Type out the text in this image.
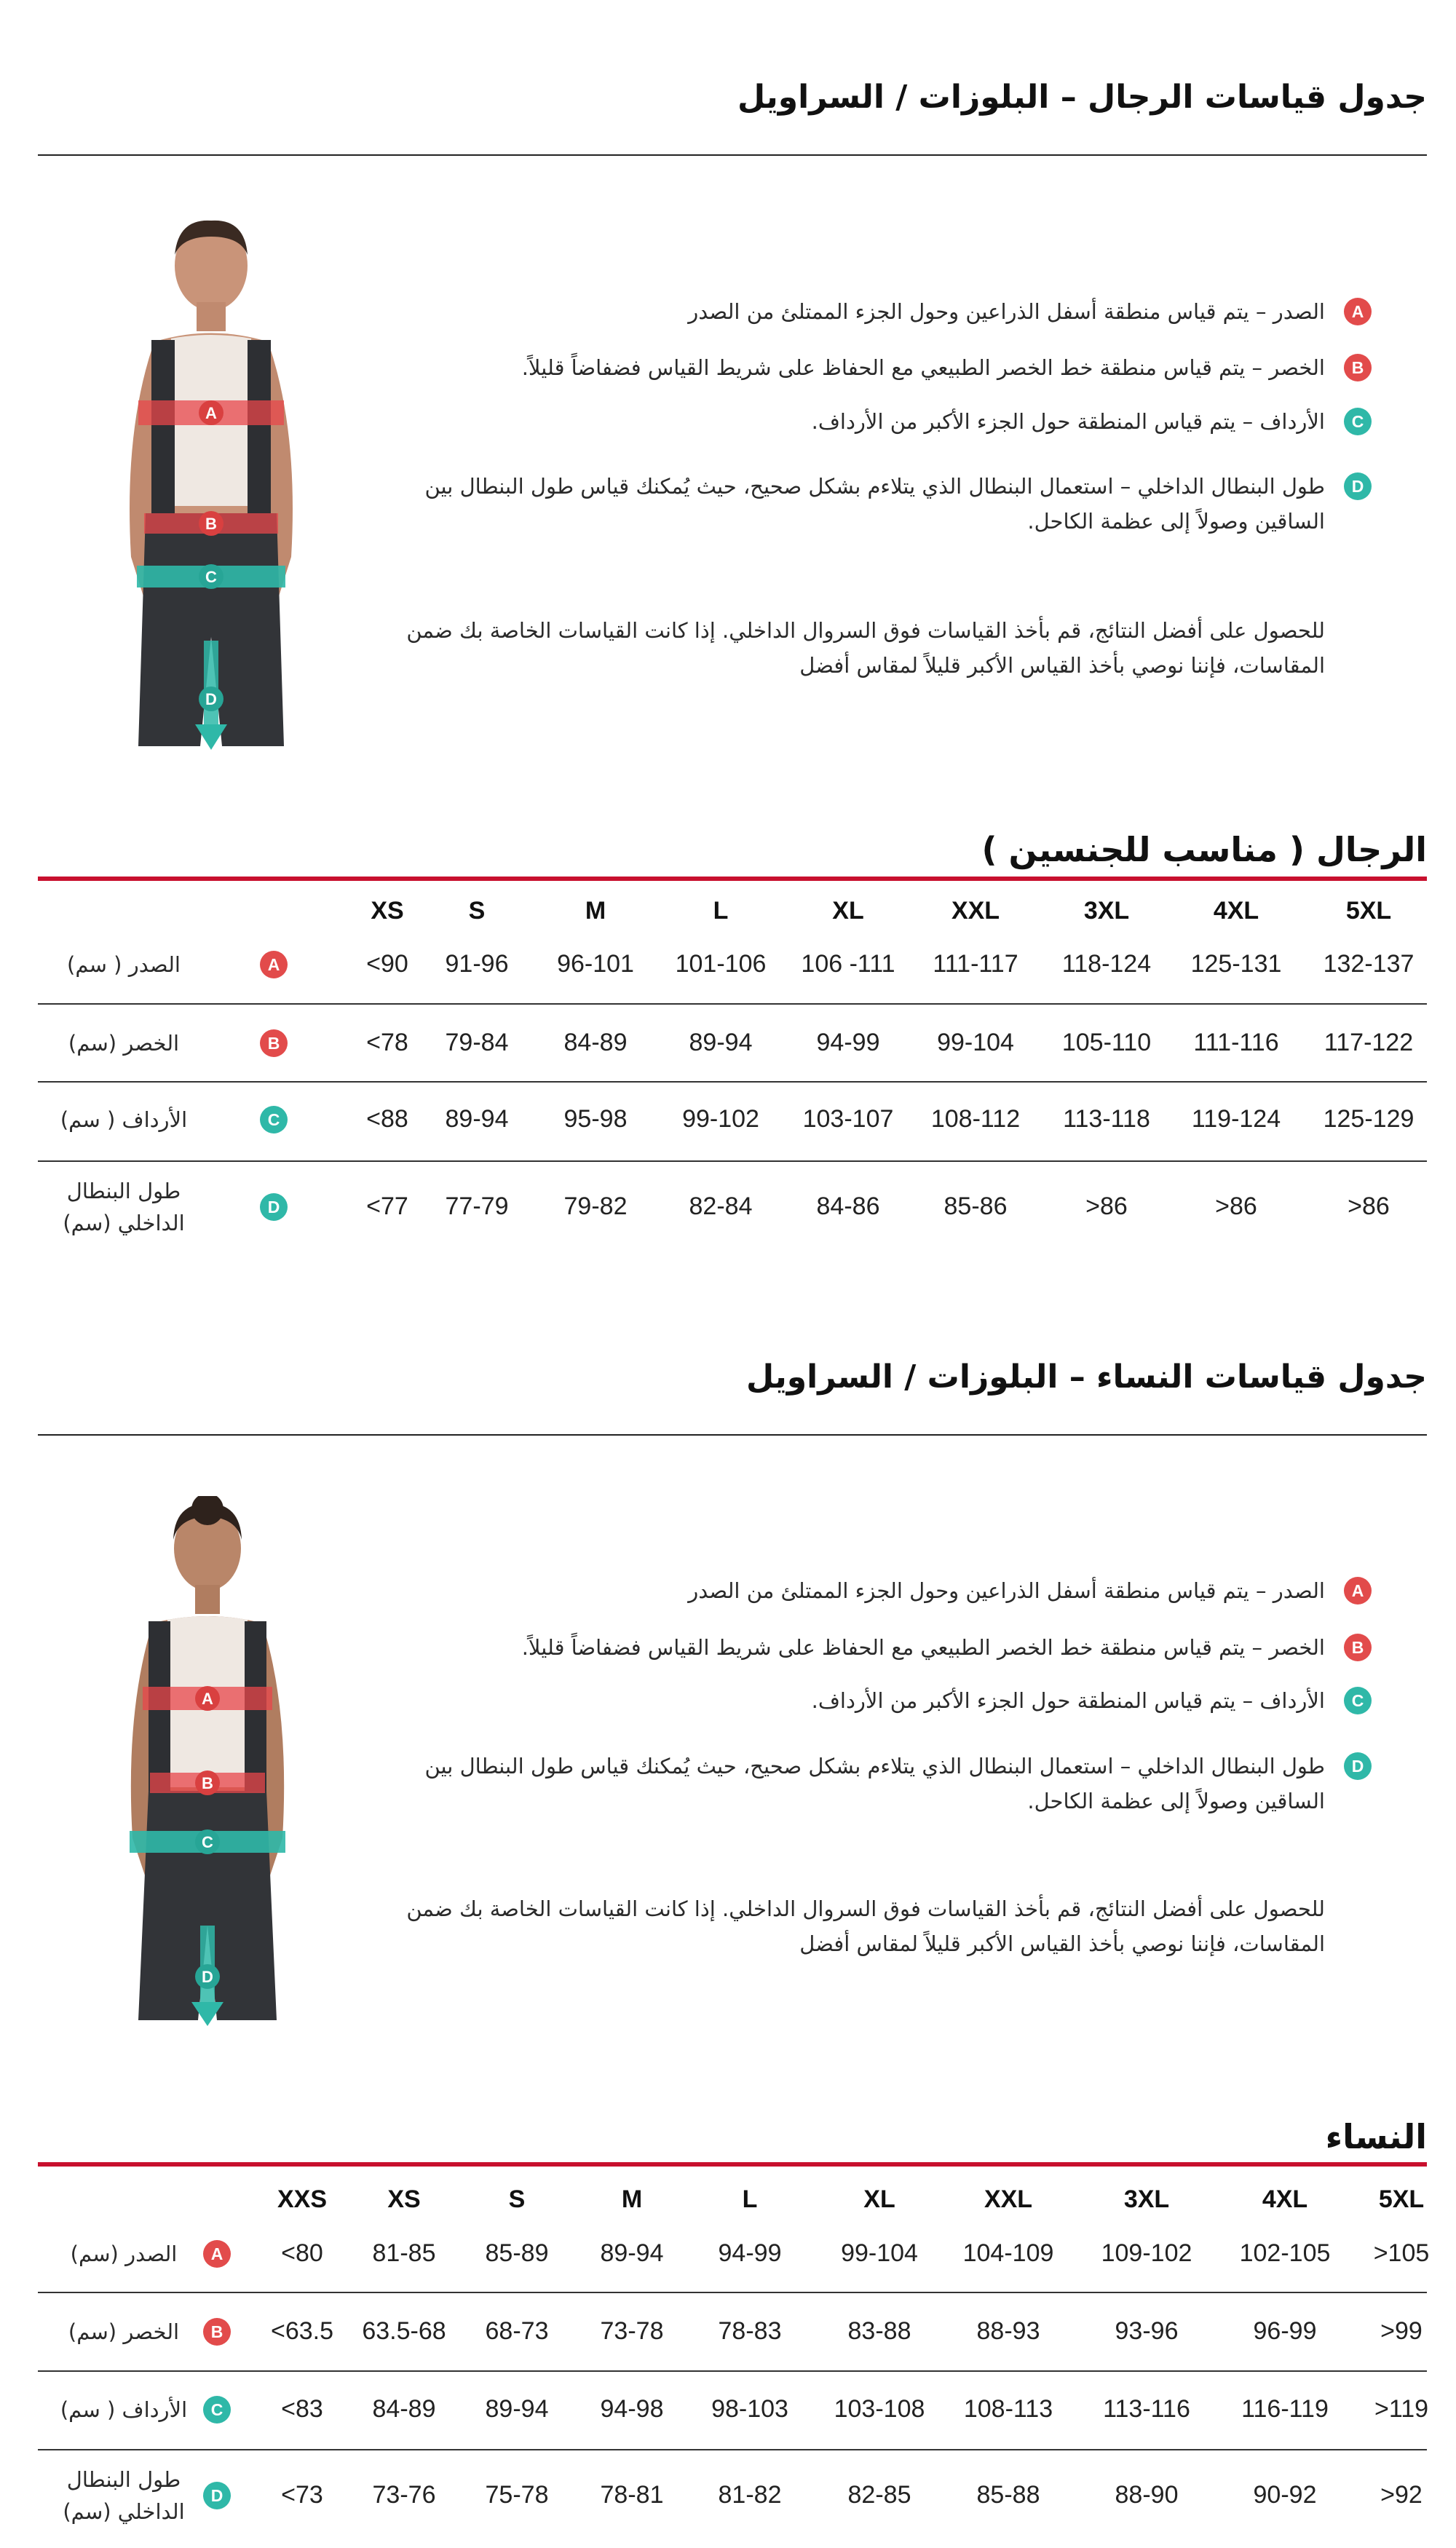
جدول قياسات الرجال – البلوزات / السراويل
A
B
C
D
A
الصدر – يتم قياس منطقة أسفل الذراعين وحول الجزء الممتلئ من الصدر
B
الخصر – يتم قياس منطقة خط الخصر الطبيعي مع الحفاظ على شريط القياس فضفاضاً قليلاً.
C
الأرداف – يتم قياس المنطقة حول الجزء الأكبر من الأرداف.
D
طول البنطال الداخلي – استعمال البنطال الذي يتلاءم بشكل صحيح، حيث يُمكنك قياس طول البنطال بين الساقين وصولاً إلى عظمة الكاحل.
للحصول على أفضل النتائج، قم بأخذ القياسات فوق السروال الداخلي. إذا كانت القياسات الخاصة بك ضمن المقاسات، فإننا نوصي بأخذ القياس الأكبر قليلاً لمقاس أفضل
الرجال ( مناسب للجنسين )
5XL
4XL
3XL
XXL
XL
L
M
S
XS
132-137
125-131
118-124
111-117
106 -111
101-106
96-101
91-96
<90
A
الصدر ( سم)
117-122
111-116
105-110
99-104
94-99
89-94
84-89
79-84
<78
B
الخصر (سم)
125-129
119-124
113-118
108-112
103-107
99-102
95-98
89-94
<88
C
الأرداف ( سم)
>86
>86
>86
85-86
84-86
82-84
79-82
77-79
<77
D
طول البنطال الداخلي (سم)
جدول قياسات النساء – البلوزات / السراويل
A
B
C
D
A
الصدر – يتم قياس منطقة أسفل الذراعين وحول الجزء الممتلئ من الصدر
B
الخصر – يتم قياس منطقة خط الخصر الطبيعي مع الحفاظ على شريط القياس فضفاضاً قليلاً.
C
الأرداف – يتم قياس المنطقة حول الجزء الأكبر من الأرداف.
D
طول البنطال الداخلي – استعمال البنطال الذي يتلاءم بشكل صحيح، حيث يُمكنك قياس طول البنطال بين الساقين وصولاً إلى عظمة الكاحل.
للحصول على أفضل النتائج، قم بأخذ القياسات فوق السروال الداخلي. إذا كانت القياسات الخاصة بك ضمن المقاسات، فإننا نوصي بأخذ القياس الأكبر قليلاً لمقاس أفضل
النساء
5XL
4XL
3XL
XXL
XL
L
M
S
XS
XXS
>105
102-105
109-102
104-109
99-104
94-99
89-94
85-89
81-85
<80
A
الصدر (سم)
>99
96-99
93-96
88-93
83-88
78-83
73-78
68-73
63.5-68
<63.5
B
الخصر (سم)
>119
116-119
113-116
108-113
103-108
98-103
94-98
89-94
84-89
<83
C
الأرداف ( سم)
>92
90-92
88-90
85-88
82-85
81-82
78-81
75-78
73-76
<73
D
طول البنطال الداخلي (سم)
